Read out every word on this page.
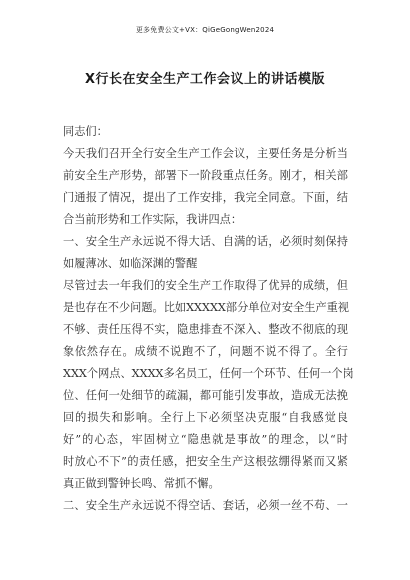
更多免费公文+VX：QiGeGongWen2024
X行长在安全生产工作会议上的讲话模版
同志们：
今天我们召开全行安全生产工作会议，主要任务是分析当
前安全生产形势，部署下一阶段重点任务。刚才，相关部
门通报了情况，提出了工作安排，我完全同意。下面，结
合当前形势和工作实际，我讲四点：
一、安全生产永远说不得大话、自满的话，必须时刻保持
如履薄冰、如临深渊的警醒
尽管过去一年我们的安全生产工作取得了优异的成绩，但
是也存在不少问题。比如XXXXX部分单位对安全生产重视
不够、责任压得不实，隐患排查不深入、整改不彻底的现
象依然存在。成绩不说跑不了，问题不说不得了。全行
XXX个网点、XXXX多名员工，任何一个环节、任何一个岗
位、任何一处细节的疏漏，都可能引发事故，造成无法挽
回的损失和影响。全行上下必须坚决克服“自我感觉良
好”的心态，牢固树立“隐患就是事故”的理念，以“时
时放心不下”的责任感，把安全生产这根弦绷得紧而又紧
真正做到警钟长鸣、常抓不懈。
二、安全生产永远说不得空话、套话，必须一丝不苟、一
